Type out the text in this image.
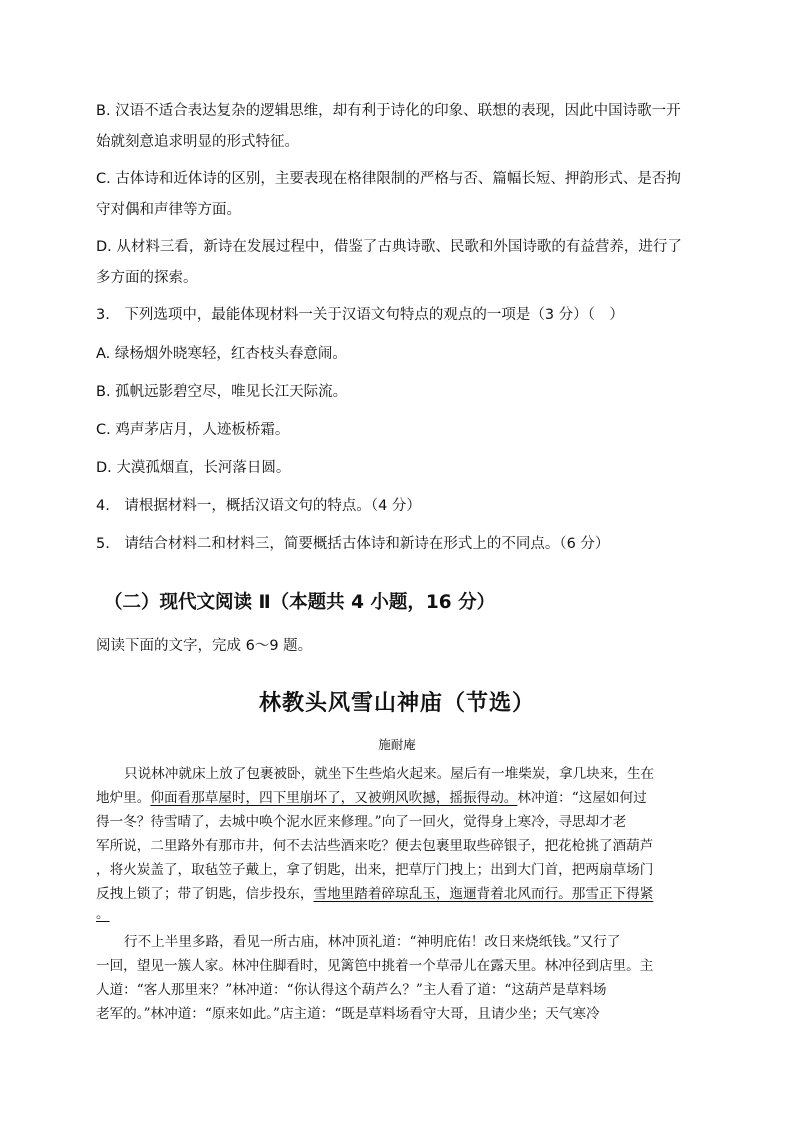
B. 汉语不适合表达复杂的逻辑思维，却有利于诗化的印象、联想的表现，因此中国诗歌一开
始就刻意追求明显的形式特征。
C. 古体诗和近体诗的区别，主要表现在格律限制的严格与否、篇幅长短、押韵形式、是否拘
守对偶和声律等方面。
D. 从材料三看，新诗在发展过程中，借鉴了古典诗歌、民歌和外国诗歌的有益营养，进行了
多方面的探索。

3.　下列选项中，最能体现材料一关于汉语文句特点的观点的一项是（3 分）（　）

A. 绿杨烟外晓寒轻，红杏枝头春意闹。

B. 孤帆远影碧空尽，唯见长江天际流。

C. 鸡声茅店月，人迹板桥霜。

D. 大漠孤烟直，长河落日圆。

4.　请根据材料一，概括汉语文句的特点。（4 分）

5.　请结合材料二和材料三，简要概括古体诗和新诗在形式上的不同点。（6 分）

（二）现代文阅读 Ⅱ（本题共 4 小题，16 分）

阅读下面的文字，完成 6～9 题。

林教头风雪山神庙（节选）

施耐庵

只说林冲就床上放了包裹被卧，就坐下生些焰火起来。屋后有一堆柴炭，拿几块来，生在
地炉里。仰面看那草屋时，四下里崩坏了，又被朔风吹撼，摇振得动。林冲道：“这屋如何过
得一冬？待雪晴了，去城中唤个泥水匠来修理。”向了一回火，觉得身上寒冷，寻思却才老
军所说，二里路外有那市井，何不去沽些酒来吃？便去包裹里取些碎银子，把花枪挑了酒葫芦
，将火炭盖了，取毡笠子戴上，拿了钥匙，出来，把草厅门拽上；出到大门首，把两扇草场门
反拽上锁了；带了钥匙，信步投东，雪地里踏着碎琼乱玉，迤逦背着北风而行。那雪正下得紧
。
行不上半里多路，看见一所古庙，林冲顶礼道：“神明庇佑！改日来烧纸钱。”又行了
一回，望见一簇人家。林冲住脚看时，见篱笆中挑着一个草帚儿在露天里。林冲径到店里。主
人道：“客人那里来？”林冲道：“你认得这个葫芦么？”主人看了道：“这葫芦是草料场
老军的。”林冲道：“原来如此。”店主道：“既是草料场看守大哥，且请少坐；天气寒冷
